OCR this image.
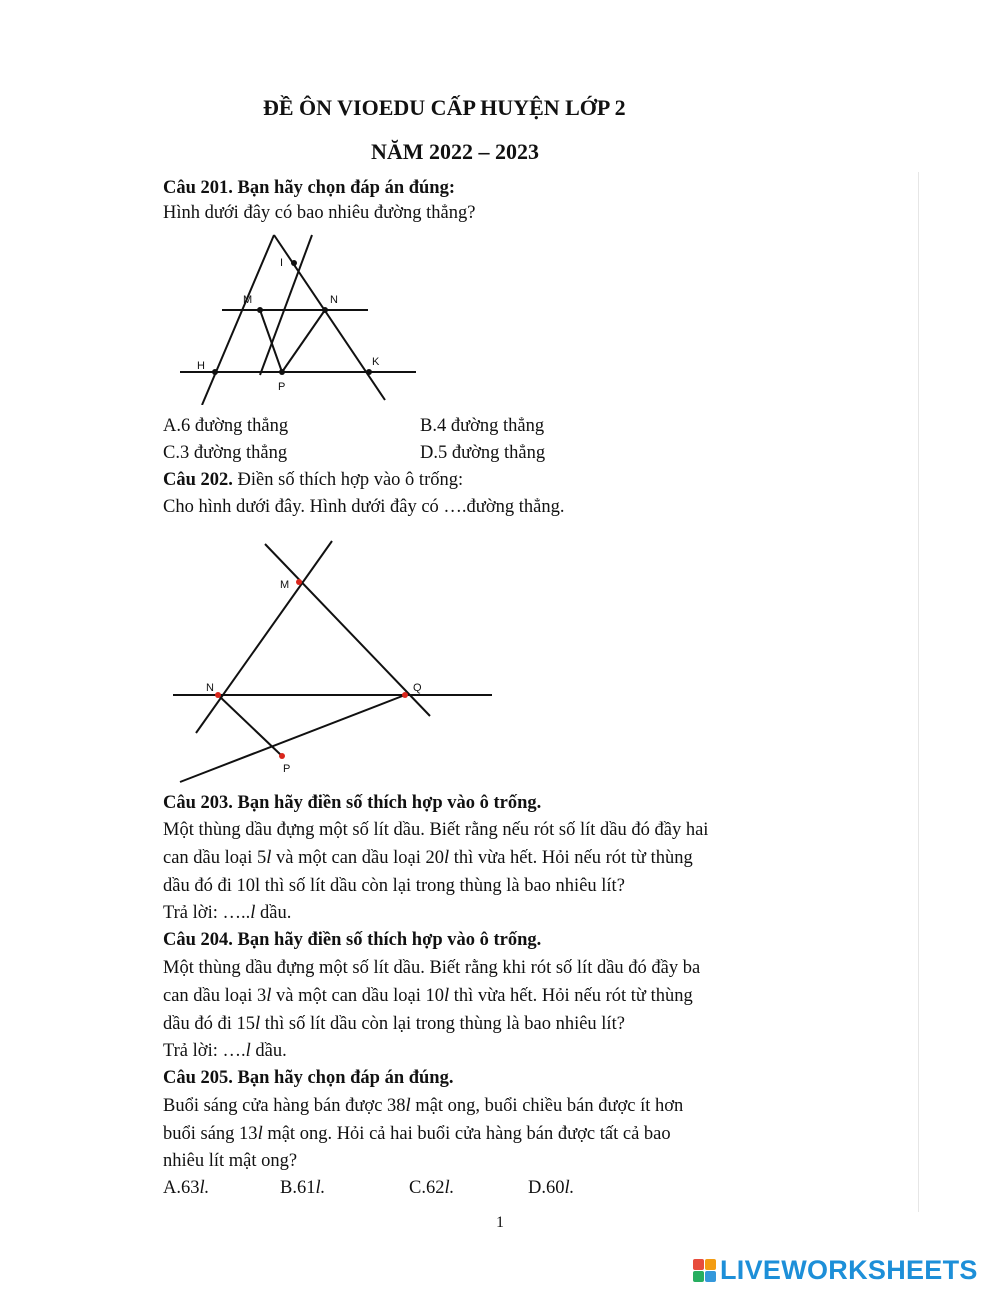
ĐỀ ÔN VIOEDU CẤP HUYỆN LỚP 2
NĂM 2022 – 2023
Câu 201. Bạn hãy chọn đáp án đúng:
Hình dưới đây có bao nhiêu đường thẳng?
I
M	N
H	K
P
A.6 đường thẳng	B.4 đường thẳng
C.3 đường thẳng	D.5 đường thẳng
Câu 202. Điền số thích hợp vào ô trống:
Cho hình dưới đây. Hình dưới đây có ….đường thẳng.
M
N	Q
P
Câu 203. Bạn hãy điền số thích hợp vào ô trống.
Một thùng dầu đựng một số lít dầu. Biết rằng nếu rót số lít dầu đó đầy hai
can dầu loại 5l và một can dầu loại 20l thì vừa hết. Hỏi nếu rót từ thùng
dầu đó đi 10l thì số lít dầu còn lại trong thùng là bao nhiêu lít?
Trả lời: …..l dầu.
Câu 204. Bạn hãy điền số thích hợp vào ô trống.
Một thùng dầu đựng một số lít dầu. Biết rằng khi rót số lít dầu đó đầy ba
can dầu loại 3l và một can dầu loại 10l thì vừa hết. Hỏi nếu rót từ thùng
dầu đó đi 15l thì số lít dầu còn lại trong thùng là bao nhiêu lít?
Trả lời: ….l dầu.
Câu 205. Bạn hãy chọn đáp án đúng.
Buổi sáng cửa hàng bán được 38l mật ong, buổi chiều bán được ít hơn
buổi sáng 13l mật ong. Hỏi cả hai buổi cửa hàng bán được tất cả bao
nhiêu lít mật ong?
A.63l.	B.61l.	C.62l.	D.60l.
1
LIVEWORKSHEETS
